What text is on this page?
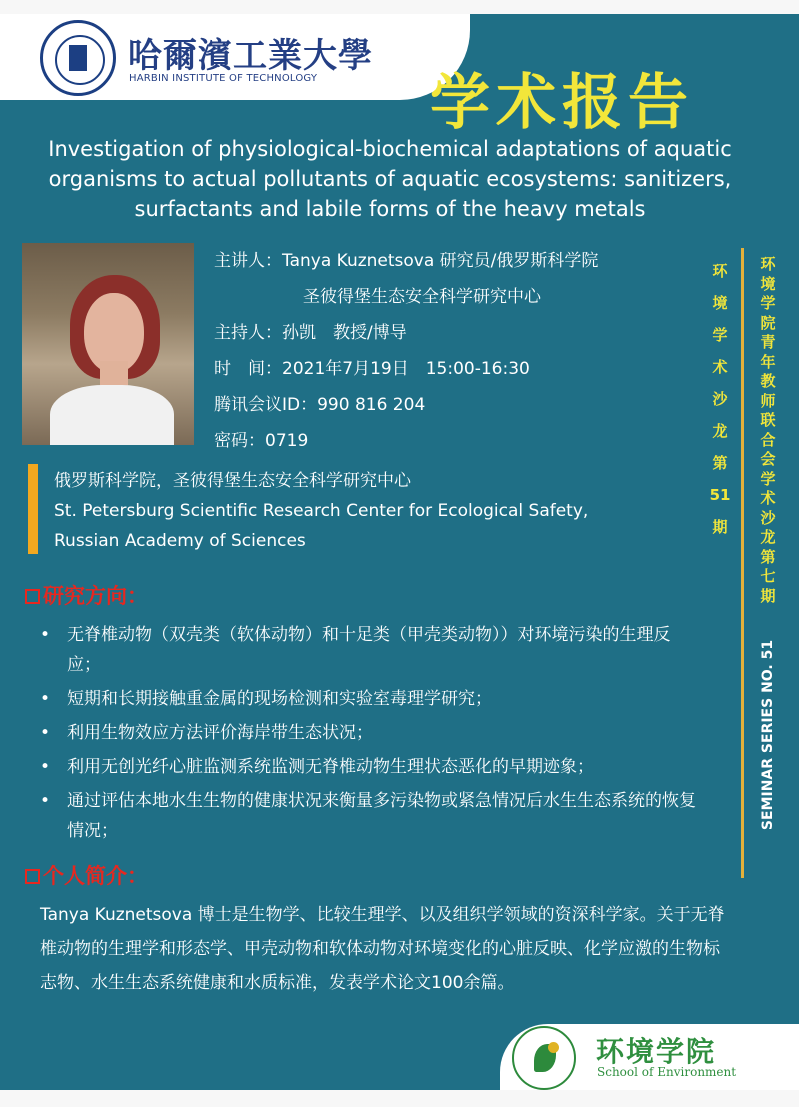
哈爾濱工業大學
HARBIN INSTITUTE OF TECHNOLOGY 学术报告
Investigation of physiological-biochemical adaptations of aquatic organisms to actual pollutants of aquatic ecosystems: sanitizers, surfactants and labile forms of the heavy metals
主讲人：Tanya Kuznetsova 研究员/俄罗斯科学院
圣彼得堡生态安全科学研究中心
主持人：孙凯　教授/博导
时　间：2021年7月19日　15:00-16:30
腾讯会议ID：990 816 204
密码：0719
环
境
学
术
沙
龙
第
51
期
环
境
学
院
青
年
教
师
联
合
会
学
术
沙
龙
第
七
期
SEMINAR SERIES NO. 51
俄罗斯科学院，圣彼得堡生态安全科学研究中心
St. Petersburg Scientific Research Center for Ecological Safety,
Russian Academy of Sciences
研究方向：
• 无脊椎动物（双壳类（软体动物）和十足类（甲壳类动物））对环境污染的生理反应；
• 短期和长期接触重金属的现场检测和实验室毒理学研究；
• 利用生物效应方法评价海岸带生态状况；
• 利用无创光纤心脏监测系统监测无脊椎动物生理状态恶化的早期迹象；
• 通过评估本地水生生物的健康状况来衡量多污染物或紧急情况后水生生态系统的恢复情况；
个人简介：
Tanya Kuznetsova 博士是生物学、比较生理学、以及组织学领域的资深科学家。关于无脊椎动物的生理学和形态学、甲壳动物和软体动物对环境变化的心脏反映、化学应激的生物标志物、水生生态系统健康和水质标准，发表学术论文100余篇。
环境学院
School of Environment
